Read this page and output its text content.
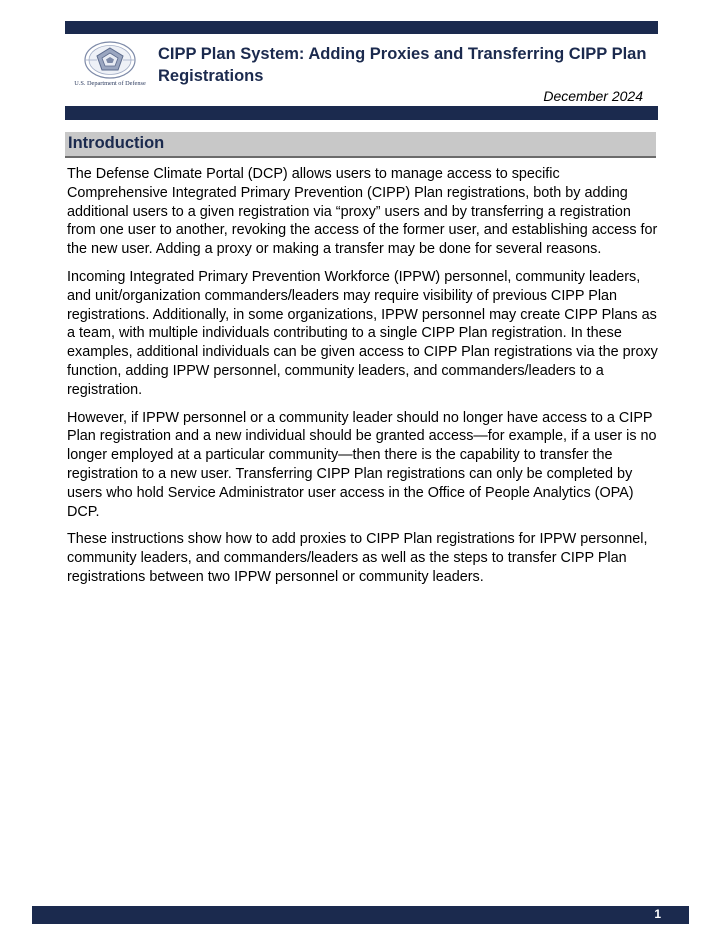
U.S. Department of Defense
CIPP Plan System: Adding Proxies and Transferring CIPP Plan Registrations
December 2024
Introduction

The Defense Climate Portal (DCP) allows users to manage access to specific Comprehensive Integrated Primary Prevention (CIPP) Plan registrations, both by adding additional users to a given registration via “proxy” users and by transferring a registration from one user to another, revoking the access of the former user, and establishing access for the new user. Adding a proxy or making a transfer may be done for several reasons.

Incoming Integrated Primary Prevention Workforce (IPPW) personnel, community leaders, and unit/organization commanders/leaders may require visibility of previous CIPP Plan registrations. Additionally, in some organizations, IPPW personnel may create CIPP Plans as a team, with multiple individuals contributing to a single CIPP Plan registration. In these examples, additional individuals can be given access to CIPP Plan registrations via the proxy function, adding IPPW personnel, community leaders, and commanders/leaders to a registration.

However, if IPPW personnel or a community leader should no longer have access to a CIPP Plan registration and a new individual should be granted access—for example, if a user is no longer employed at a particular community—then there is the capability to transfer the registration to a new user. Transferring CIPP Plan registrations can only be completed by users who hold Service Administrator user access in the Office of People Analytics (OPA) DCP.

These instructions show how to add proxies to CIPP Plan registrations for IPPW personnel, community leaders, and commanders/leaders as well as the steps to transfer CIPP Plan registrations between two IPPW personnel or community leaders.

1
